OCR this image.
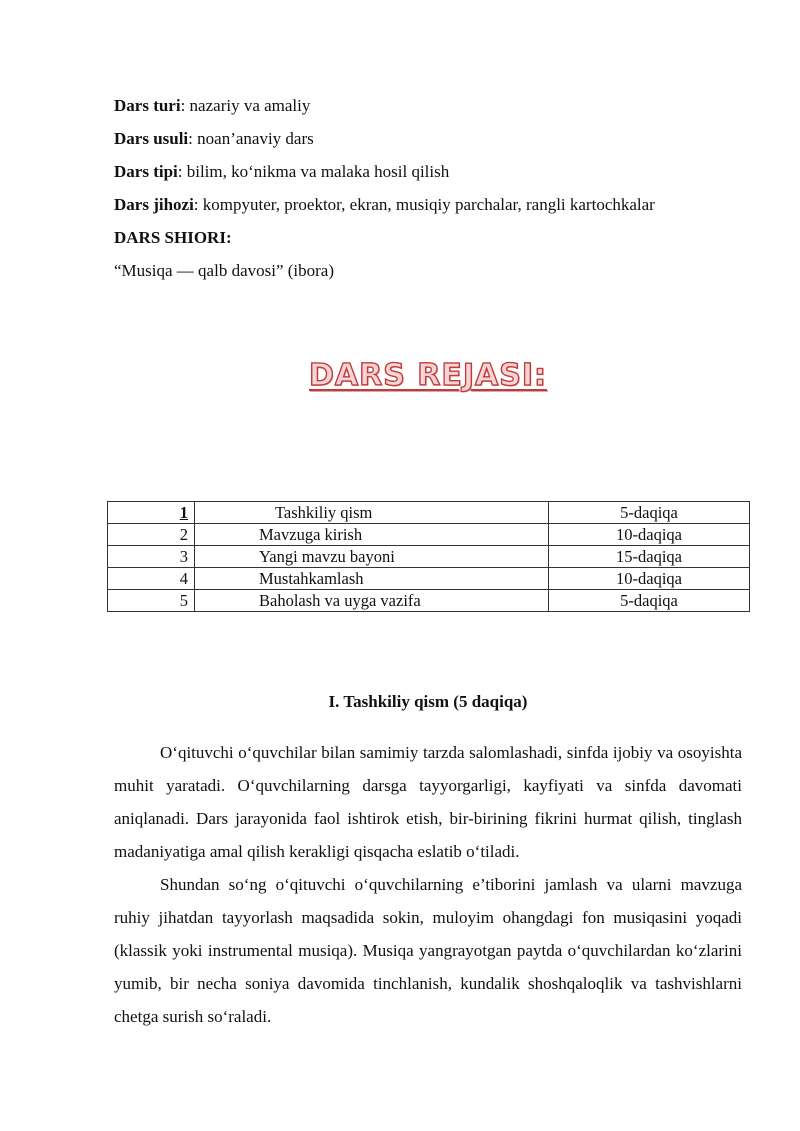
Dars turi: nazariy va amaliy
Dars usuli: noan’anaviy dars
Dars tipi: bilim, ko‘nikma va malaka hosil qilish
Dars jihozi: kompyuter, proektor, ekran, musiqiy parchalar, rangli kartochkalar
DARS SHIORI:
“Musiqa — qalb davosi” (ibora)
DARS REJASI:
1	Tashkiliy qism	5-daqiqa
2	Mavzuga kirish	10-daqiqa
3	Yangi mavzu bayoni	15-daqiqa
4	Mustahkamlash	10-daqiqa
5	Baholash va uyga vazifa	5-daqiqa
I. Tashkiliy qism (5 daqiqa)

O‘qituvchi o‘quvchilar bilan samimiy tarzda salomlashadi, sinfda ijobiy va osoyishta muhit yaratadi. O‘quvchilarning darsga tayyorgarligi, kayfiyati va sinfda davomati aniqlanadi. Dars jarayonida faol ishtirok etish, bir-birining fikrini hurmat qilish, tinglash madaniyatiga amal qilish kerakligi qisqacha eslatib o‘tiladi.

Shundan so‘ng o‘qituvchi o‘quvchilarning e’tiborini jamlash va ularni mavzuga ruhiy jihatdan tayyorlash maqsadida sokin, muloyim ohangdagi fon musiqasini yoqadi (klassik yoki instrumental musiqa). Musiqa yangrayotgan paytda o‘quvchilardan ko‘zlarini yumib, bir necha soniya davomida tinchlanish, kundalik shoshqaloqlik va tashvishlarni chetga surish so‘raladi.
